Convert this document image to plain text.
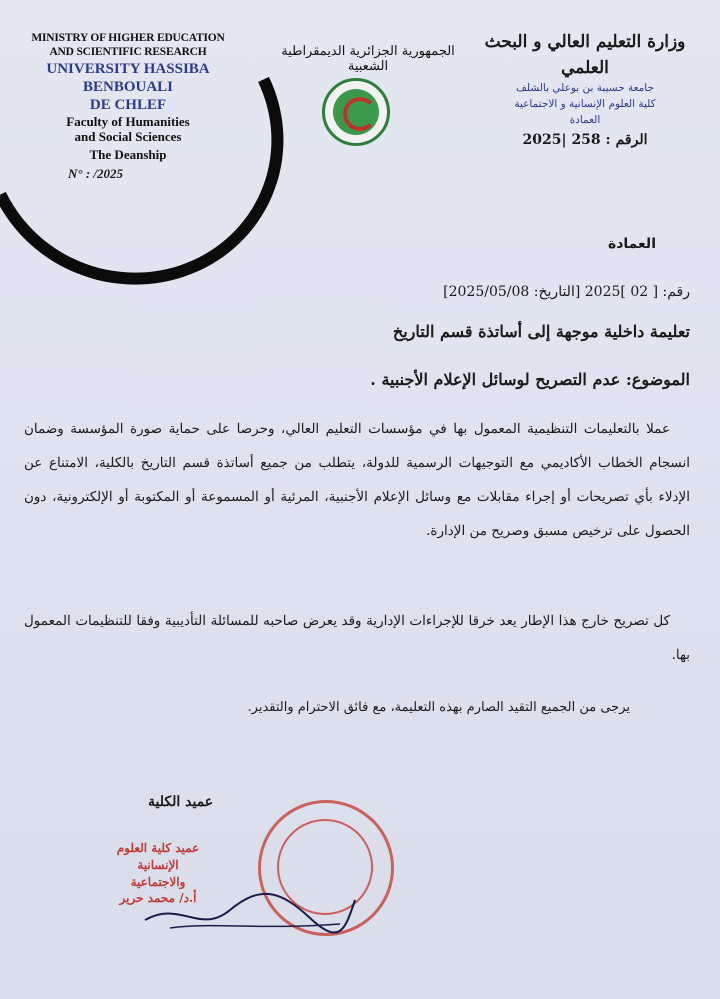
MINISTRY OF HIGHER EDUCATION AND SCIENTIFIC RESEARCH
UNIVERSITY HASSIBA
BENBOUALI
DE CHLEF
Faculty of Humanities
and Social Sciences
The Deanship
N° : /2025
الجمهورية الجزائرية الديمقراطية الشعبية
وزارة التعليم العالي و البحث
العلمي
جامعة حسيبة بن بوعلي بالشلف
كلية العلوم الإنسانية و الاجتماعية
العمادة
الرقم : 258 |2025
العمادة
رقم: [ 02 ]2025 [التاريخ: 2025/05/08]
تعليمة داخلية موجهة إلى أساتذة قسم التاريخ
الموضوع: عدم التصريح لوسائل الإعلام الأجنبية .
عملا بالتعليمات التنظيمية المعمول بها في مؤسسات التعليم العالي، وحرصا على حماية صورة المؤسسة وضمان انسجام الخطاب الأكاديمي مع التوجيهات الرسمية للدولة، يتطلب من جميع أساتذة قسم التاريخ بالكلية، الامتناع عن الإدلاء بأي تصريحات أو إجراء مقابلات مع وسائل الإعلام الأجنبية، المرئية أو المسموعة أو المكتوبة أو الإلكترونية، دون الحصول على ترخيص مسبق وصريح من الإدارة.
كل تصريح خارج هذا الإطار يعد خرقا للإجراءات الإدارية وقد يعرض صاحبه للمسائلة التأديبية وفقا للتنظيمات المعمول بها.
يرجى من الجميع التقيد الصارم بهذه التعليمة، مع فائق الاحترام والتقدير.
عميد الكلية
عميد كلية العلوم الإنسانية
والاجتماعية
أ.د/ محمد حرير
